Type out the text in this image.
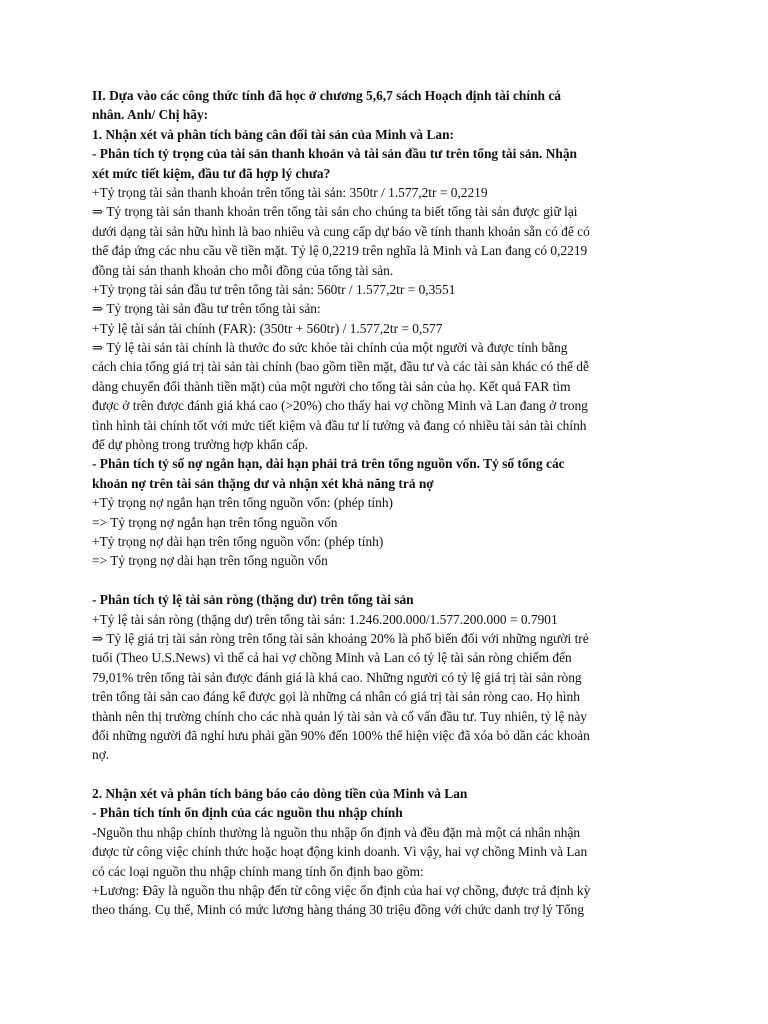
II. Dựa vào các công thức tính đã học ở chương 5,6,7 sách Hoạch định tài chính cá
nhân. Anh/ Chị hãy:
1. Nhận xét và phân tích bảng cân đối tài sản của Minh và Lan:
- Phân tích tỷ trọng của tài sản thanh khoản và tài sản đầu tư trên tổng tài sản. Nhận
xét mức tiết kiệm, đầu tư đã hợp lý chưa?
+Tỷ trọng tài sản thanh khoản trên tổng tài sản: 350tr / 1.577,2tr = 0,2219
⇒ Tỷ trọng tài sản thanh khoản trên tổng tài sản cho chúng ta biết tổng tài sản được giữ lại
dưới dạng tài sản hữu hình là bao nhiêu và cung cấp dự báo về tính thanh khoản sẵn có để có
thể đáp ứng các nhu cầu về tiền mặt. Tỷ lệ 0,2219 trên nghĩa là Minh và Lan đang có 0,2219
đồng tài sản thanh khoản cho mỗi đồng của tổng tài sản.
+Tỷ trọng tài sản đầu tư trên tổng tài sản: 560tr / 1.577,2tr = 0,3551
⇒ Tỷ trọng tài sản đầu tư trên tổng tài sản:
+Tỷ lệ tài sản tài chính (FAR): (350tr + 560tr) / 1.577,2tr = 0,577
⇒ Tỷ lệ tài sản tài chính là thước đo sức khỏe tài chính của một người và được tính bằng
cách chia tổng giá trị tài sản tài chính (bao gồm tiền mặt, đầu tư và các tài sản khác có thể dễ
dàng chuyển đổi thành tiền mặt) của một người cho tổng tài sản của họ. Kết quả FAR tìm
được ở trên được đánh giá khá cao (>20%) cho thấy hai vợ chồng Minh và Lan đang ở trong
tình hình tài chính tốt với mức tiết kiệm và đầu tư lí tưởng và đang có nhiều tài sản tài chính
để dự phòng trong trường hợp khẩn cấp.
- Phân tích tỷ số nợ ngắn hạn, dài hạn phải trả trên tổng nguồn vốn. Tỷ số tổng các
khoản nợ trên tài sản thặng dư và nhận xét khả năng trả nợ
+Tỷ trọng nợ ngắn hạn trên tổng nguồn vốn: (phép tính)
=> Tỷ trọng nợ ngắn hạn trên tổng nguồn vốn
+Tỷ trọng nợ dài hạn trên tổng nguồn vốn: (phép tính)
=> Tỷ trọng nợ dài hạn trên tổng nguồn vốn
- Phân tích tỷ lệ tài sản ròng (thặng dư) trên tổng tài sản
+Tỷ lệ tài sản ròng (thặng dư) trên tổng tài sản: 1.246.200.000/1.577.200.000 = 0.7901
⇒ Tỷ lệ giá trị tài sản ròng trên tổng tài sản khoảng 20% là phổ biến đối với những người trẻ
tuổi (Theo U.S.News) vì thế cả hai vợ chồng Minh và Lan có tỷ lệ tài sản ròng chiếm đến
79,01% trên tổng tài sản được đánh giá là khá cao. Những người có tỷ lệ giá trị tài sản ròng
trên tổng tài sản cao đáng kể được gọi là những cá nhân có giá trị tài sản ròng cao. Họ hình
thành nên thị trường chính cho các nhà quản lý tài sản và cố vấn đầu tư. Tuy nhiên, tỷ lệ này
đối những người đã nghỉ hưu phải gần 90% đến 100% thể hiện việc đã xóa bỏ dần các khoản
nợ.
2. Nhận xét và phân tích bảng báo cáo dòng tiền của Minh và Lan
- Phân tích tính ổn định của các nguồn thu nhập chính
-Nguồn thu nhập chính thường là nguồn thu nhập ổn định và đều đặn mà một cá nhân nhận
được từ công việc chính thức hoặc hoạt động kinh doanh. Vì vậy, hai vợ chồng Minh và Lan
có các loại nguồn thu nhập chính mang tính ổn định bao gồm:
+Lương: Đây là nguồn thu nhập đến từ công việc ổn định của hai vợ chồng, được trả định kỳ
theo tháng. Cụ thể, Minh có mức lương hàng tháng 30 triệu đồng với chức danh trợ lý Tổng
